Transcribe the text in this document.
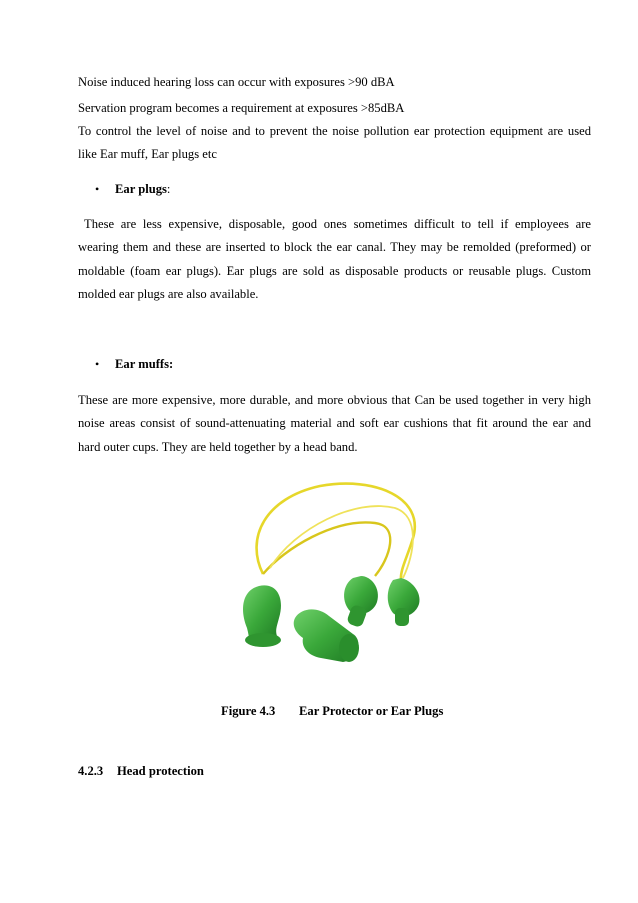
Noise induced hearing loss can occur with exposures >90 dBA
Servation program becomes a requirement at exposures >85dBA
To control the level of noise and to prevent the noise pollution ear protection equipment are used
like Ear muff, Ear plugs etc
• Ear plugs:
These are less expensive, disposable, good ones sometimes difficult to tell if employees are
wearing them and these are inserted to block the ear canal. They may be remolded (preformed) or
moldable (foam ear plugs). Ear plugs are sold as disposable products or reusable plugs. Custom
molded ear plugs are also available.
• Ear muffs:
These are more expensive, more durable, and more obvious that Can be used together in very high
noise areas consist of sound-attenuating material and soft ear cushions that fit around the ear and
hard outer cups. They are held together by a head band.
Figure 4.3 Ear Protector or Ear Plugs
4.2.3 Head protection
